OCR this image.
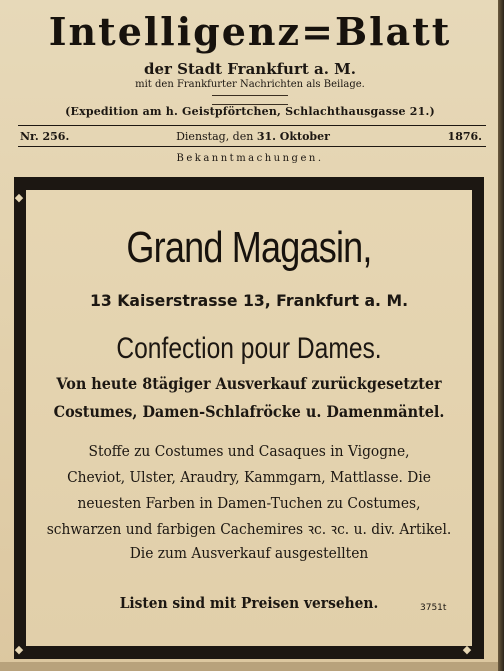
Intelligenz=Blatt
der Stadt Frankfurt a. M.
mit den Frankfurter Nachrichten als Beilage.
(Expedition am h. Geistpförtchen, Schlachthausgasse 21.)
Nr. 256.	Dienstag, den 31. Oktober	1876.
Bekanntmachungen.
◆	◆
◆	◆
Grand Magasin,
13 Kaiserstrasse 13, Frankfurt a. M.
Confection pour Dames.
Von heute 8tägiger Ausverkauf zurückgesetzter
Costumes, Damen-Schlafröcke u. Damenmäntel.
Stoffe zu Costumes und Casaques in Vigogne,
Cheviot, Ulster, Araudry, Kammgarn, Mattlasse. Die
neuesten Farben in Damen-Tuchen zu Costumes,
schwarzen und farbigen Cachemires ꝛc. ꝛc. u. div. Artikel.
Die zum Ausverkauf ausgestellten
Listen sind mit Preisen versehen.	3751t
